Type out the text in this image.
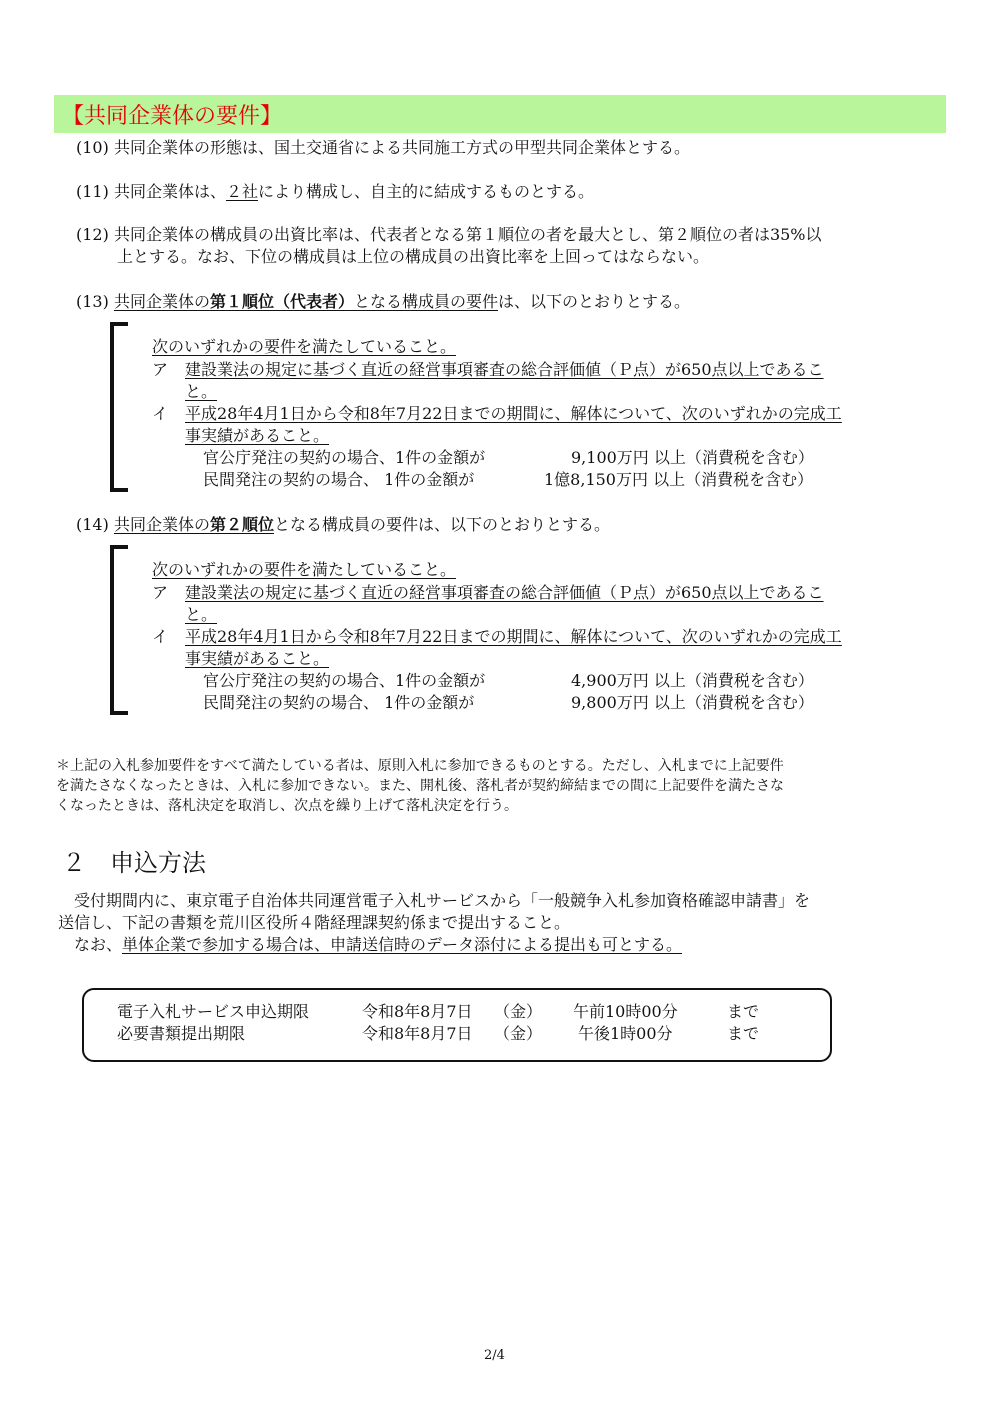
【共同企業体の要件】
(10) 共同企業体の形態は、国土交通省による共同施工方式の甲型共同企業体とする。
(11) 共同企業体は、２社により構成し、自主的に結成するものとする。
(12) 共同企業体の構成員の出資比率は、代表者となる第１順位の者を最大とし、第２順位の者は35%以
上とする。なお、下位の構成員は上位の構成員の出資比率を上回ってはならない。
(13) 共同企業体の第１順位（代表者）となる構成員の要件は、以下のとおりとする。
次のいずれかの要件を満たしていること。
ア 建設業法の規定に基づく直近の経営事項審査の総合評価値（Ｐ点）が650点以上であるこ
と。
イ 平成28年4月1日から令和8年7月22日までの期間に、解体について、次のいずれかの完成工
事実績があること。
官公庁発注の契約の場合、1件の金額が	9,100万円 以上（消費税を含む）
民間発注の契約の場合、 1件の金額が	1億8,150万円 以上（消費税を含む）
(14) 共同企業体の第２順位となる構成員の要件は、以下のとおりとする。
次のいずれかの要件を満たしていること。
ア 建設業法の規定に基づく直近の経営事項審査の総合評価値（Ｐ点）が650点以上であるこ
と。
イ 平成28年4月1日から令和8年7月22日までの期間に、解体について、次のいずれかの完成工
事実績があること。
官公庁発注の契約の場合、1件の金額が	4,900万円 以上（消費税を含む）
民間発注の契約の場合、 1件の金額が	9,800万円 以上（消費税を含む）
＊上記の入札参加要件をすべて満たしている者は、原則入札に参加できるものとする。ただし、入札までに上記要件
を満たさなくなったときは、入札に参加できない。また、開札後、落札者が契約締結までの間に上記要件を満たさな
くなったときは、落札決定を取消し、次点を繰り上げて落札決定を行う。
２　申込方法
受付期間内に、東京電子自治体共同運営電子入札サービスから「一般競争入札参加資格確認申請書」を
送信し、下記の書類を荒川区役所４階経理課契約係まで提出すること。
なお、単体企業で参加する場合は、申請送信時のデータ添付による提出も可とする。
電子入札サービス申込期限	令和8年8月7日 （金） 午前10時00分	まで
必要書類提出期限	令和8年8月7日 （金） 午後1時00分	まで
2/4
